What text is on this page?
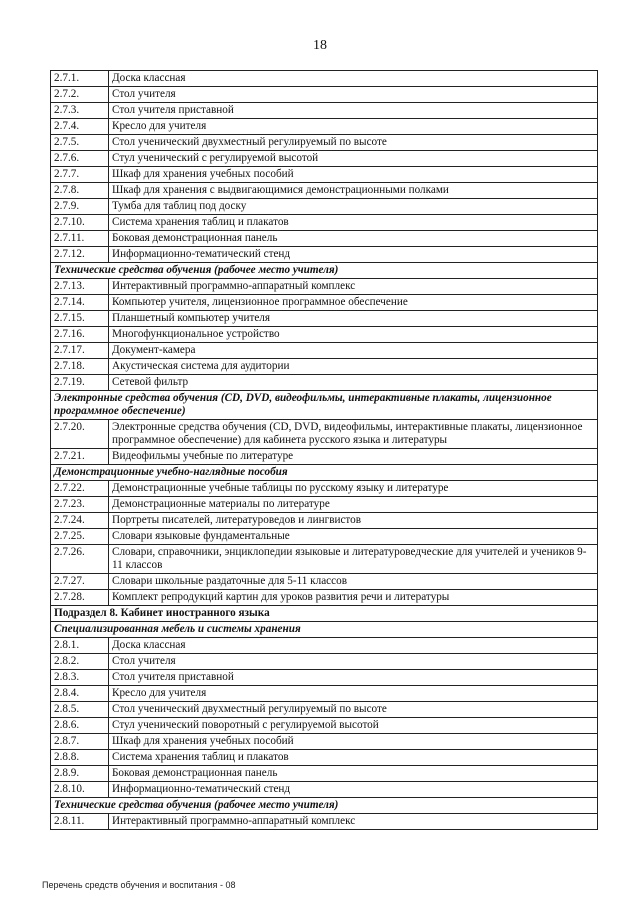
18
2.7.1.	Доска классная
2.7.2.	Стол учителя
2.7.3.	Стол учителя приставной
2.7.4.	Кресло для учителя
2.7.5.	Стол ученический двухместный регулируемый по высоте
2.7.6.	Стул ученический с регулируемой высотой
2.7.7.	Шкаф для хранения учебных пособий
2.7.8.	Шкаф для хранения с выдвигающимися демонстрационными полками
2.7.9.	Тумба для таблиц под доску
2.7.10.	Система хранения таблиц и плакатов
2.7.11.	Боковая демонстрационная панель
2.7.12.	Информационно-тематический стенд
Технические средства обучения (рабочее место учителя)	
2.7.13.	Интерактивный программно-аппаратный комплекс
2.7.14.	Компьютер учителя, лицензионное программное обеспечение
2.7.15.	Планшетный компьютер учителя
2.7.16.	Многофункциональное устройство
2.7.17.	Документ-камера
2.7.18.	Акустическая система для аудитории
2.7.19.	Сетевой фильтр
Электронные средства обучения (CD, DVD, видеофильмы, интерактивные плакаты, лицензионное программное обеспечение)	
2.7.20.	Электронные средства обучения (CD, DVD, видеофильмы, интерактивные плакаты, лицензионное программное обеспечение) для кабинета русского языка и литературы
2.7.21.	Видеофильмы учебные по литературе
Демонстрационные учебно-наглядные пособия	
2.7.22.	Демонстрационные учебные таблицы по русскому языку и литературе
2.7.23.	Демонстрационные материалы по литературе
2.7.24.	Портреты писателей, литературоведов и лингвистов
2.7.25.	Словари языковые фундаментальные
2.7.26.	Словари, справочники, энциклопедии языковые и литературоведческие для учителей и учеников 9-11 классов
2.7.27.	Словари школьные раздаточные для 5-11 классов
2.7.28.	Комплект репродукций картин для уроков развития речи и литературы
Подраздел 8. Кабинет иностранного языка	
Специализированная мебель и системы хранения	
2.8.1.	Доска классная
2.8.2.	Стол учителя
2.8.3.	Стол учителя приставной
2.8.4.	Кресло для учителя
2.8.5.	Стол ученический двухместный регулируемый по высоте
2.8.6.	Стул ученический поворотный с регулируемой высотой
2.8.7.	Шкаф для хранения учебных пособий
2.8.8.	Система хранения таблиц и плакатов
2.8.9.	Боковая демонстрационная панель
2.8.10.	Информационно-тематический стенд
Технические средства обучения (рабочее место учителя)	
2.8.11.	Интерактивный программно-аппаратный комплекс
Перечень средств обучения и воспитания - 08
